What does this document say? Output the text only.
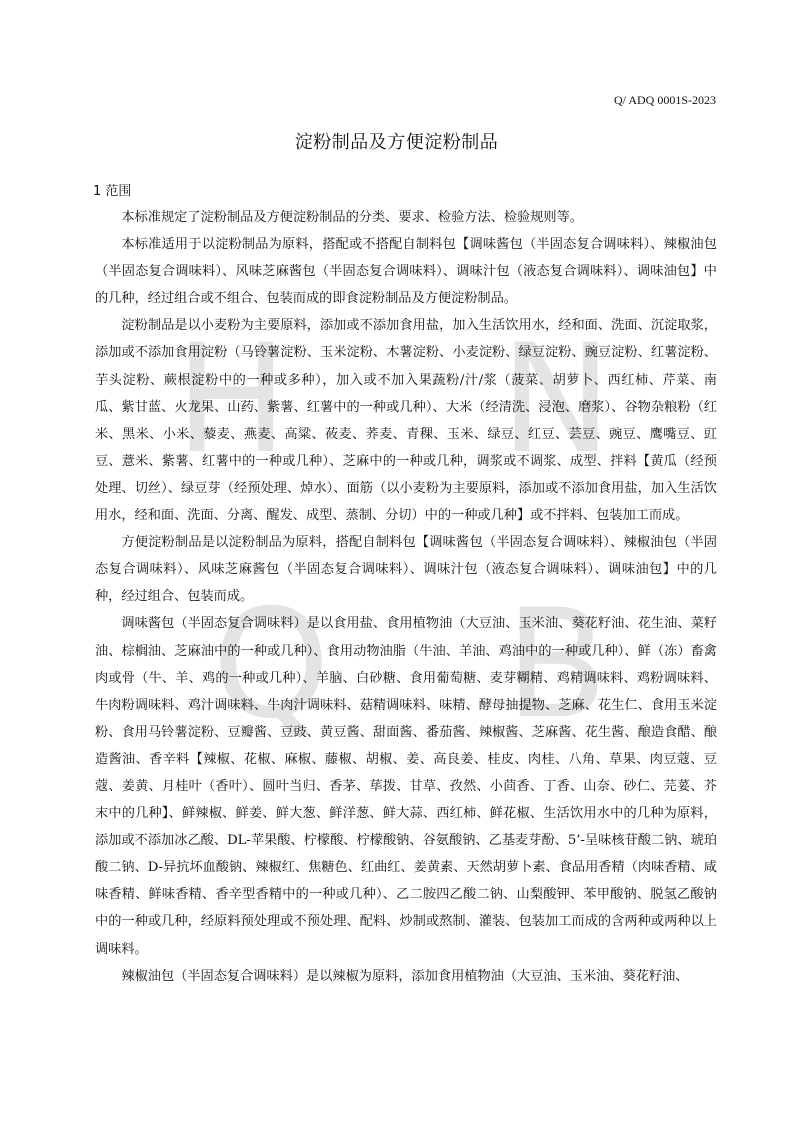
H N
Q B
Q/ ADQ 0001S-2023
淀粉制品及方便淀粉制品
1 范围

本标准规定了淀粉制品及方便淀粉制品的分类、要求、检验方法、检验规则等。

本标准适用于以淀粉制品为原料，搭配或不搭配自制料包【调味酱包（半固态复合调味料）、辣椒油包（半固态复合调味料）、风味芝麻酱包（半固态复合调味料）、调味汁包（液态复合调味料）、调味油包】中的几种，经过组合或不组合、包装而成的即食淀粉制品及方便淀粉制品。

淀粉制品是以小麦粉为主要原料，添加或不添加食用盐，加入生活饮用水，经和面、洗面、沉淀取浆，添加或不添加食用淀粉（马铃薯淀粉、玉米淀粉、木薯淀粉、小麦淀粉、绿豆淀粉、豌豆淀粉、红薯淀粉、芋头淀粉、蕨根淀粉中的一种或多种），加入或不加入果蔬粉/汁/浆（菠菜、胡萝卜、西红柿、芹菜、南瓜、紫甘蓝、火龙果、山药、紫薯、红薯中的一种或几种）、大米（经清洗、浸泡、磨浆）、谷物杂粮粉（红米、黑米、小米、藜麦、燕麦、高粱、莜麦、荞麦、青稞、玉米、绿豆、红豆、芸豆、豌豆、鹰嘴豆、豇豆、薏米、紫薯、红薯中的一种或几种）、芝麻中的一种或几种，调浆或不调浆、成型、拌料【黄瓜（经预处理、切丝）、绿豆芽（经预处理、焯水）、面筋（以小麦粉为主要原料，添加或不添加食用盐，加入生活饮用水，经和面、洗面、分离、醒发、成型、蒸制、分切）中的一种或几种】或不拌料、包装加工而成。

方便淀粉制品是以淀粉制品为原料，搭配自制料包【调味酱包（半固态复合调味料）、辣椒油包（半固态复合调味料）、风味芝麻酱包（半固态复合调味料）、调味汁包（液态复合调味料）、调味油包】中的几种，经过组合、包装而成。

调味酱包（半固态复合调味料）是以食用盐、食用植物油（大豆油、玉米油、葵花籽油、花生油、菜籽油、棕榈油、芝麻油中的一种或几种）、食用动物油脂（牛油、羊油、鸡油中的一种或几种）、鲜（冻）畜禽肉或骨（牛、羊、鸡的一种或几种）、羊脑、白砂糖、食用葡萄糖、麦芽糊精、鸡精调味料、鸡粉调味料、牛肉粉调味料、鸡汁调味料、牛肉汁调味料、菇精调味料、味精、酵母抽提物、芝麻、花生仁、食用玉米淀粉、食用马铃薯淀粉、豆瓣酱、豆豉、黄豆酱、甜面酱、番茄酱、辣椒酱、芝麻酱、花生酱、酿造食醋、酿造酱油、香辛料【辣椒、花椒、麻椒、藤椒、胡椒、姜、高良姜、桂皮、肉桂、八角、草果、肉豆蔻、豆蔻、姜黄、月桂叶（香叶）、圆叶当归、香茅、荜拨、甘草、孜然、小茴香、丁香、山奈、砂仁、芫荽、芥末中的几种】、鲜辣椒、鲜姜、鲜大葱、鲜洋葱、鲜大蒜、西红柿、鲜花椒、生活饮用水中的几种为原料，添加或不添加冰乙酸、DL-苹果酸、柠檬酸、柠檬酸钠、谷氨酸钠、乙基麦芽酚、5’-呈味核苷酸二钠、琥珀酸二钠、D-异抗坏血酸钠、辣椒红、焦糖色、红曲红、姜黄素、天然胡萝卜素、食品用香精（肉味香精、咸味香精、鲜味香精、香辛型香精中的一种或几种）、乙二胺四乙酸二钠、山梨酸钾、苯甲酸钠、脱氢乙酸钠中的一种或几种，经原料预处理或不预处理、配料、炒制或熬制、灌装、包装加工而成的含两种或两种以上调味料。

辣椒油包（半固态复合调味料）是以辣椒为原料，添加食用植物油（大豆油、玉米油、葵花籽油、
